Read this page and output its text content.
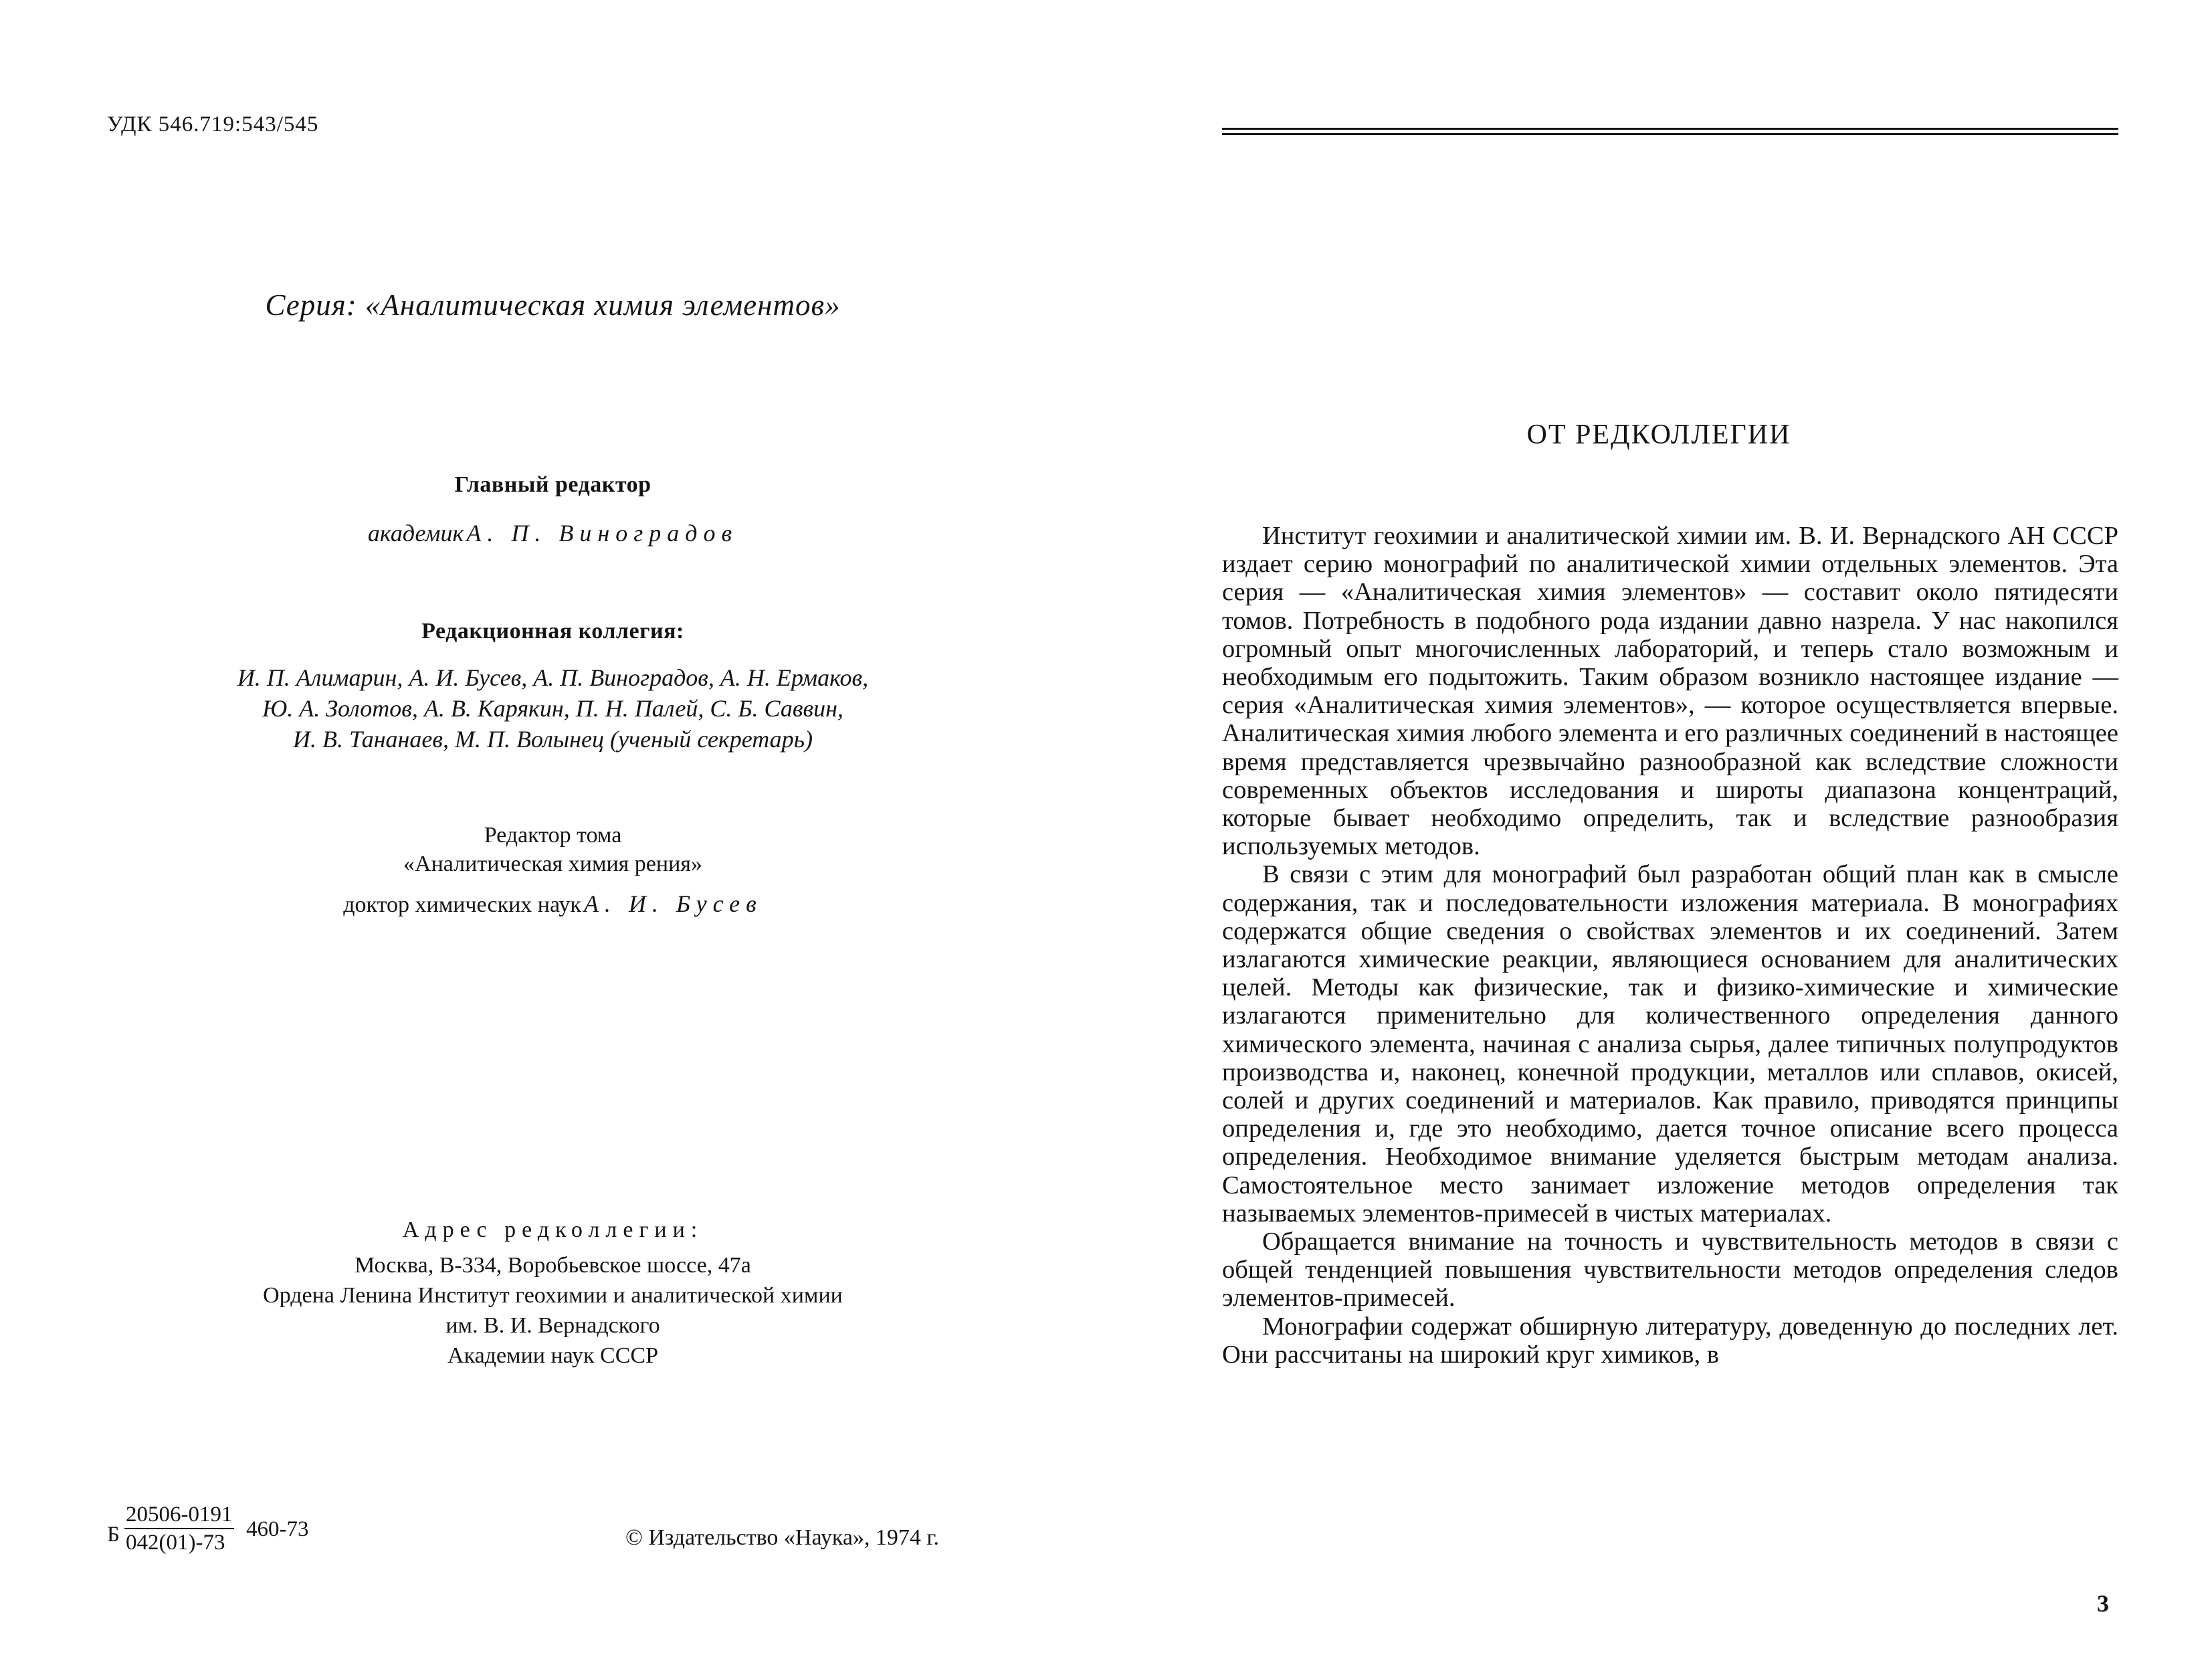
УДК 546.719:543/545
Серия: «Аналитическая химия элементов»
Главный редактор
академик А. П. Виноградов
Редакционная коллегия:
И. П. Алимарин, А. И. Бусев, А. П. Виноградов, А. Н. Ермаков,
Ю. А. Золотов, А. В. Карякин, П. Н. Палей, С. Б. Саввин,
И. В. Тананаев, М. П. Волынец (ученый секретарь)
Редактор тома
«Аналитическая химия рения»
доктор химических наук А. И. Бусев
Адрес редколлегии:
Москва, В-334, Воробьевское шоссе, 47а
Ордена Ленина Институт геохимии и аналитической химии
им. В. И. Вернадского
Академии наук СССР
Б $\frac{20506-0191}{042(01)-73} 460-73$	© Издательство «Наука», 1974 г.
ОТ РЕДКОЛЛЕГИИ

Институт геохимии и аналитической химии им. В. И. Вернадского АН СССР издает серию монографий по аналитической химии отдельных элементов. Эта серия — «Аналитическая химия элементов» — составит около пятидесяти томов. Потребность в подобного рода издании давно назрела. У нас накопился огромный опыт многочисленных лабораторий, и теперь стало возможным и необходимым его подытожить. Таким образом возникло настоящее издание — серия «Аналитическая химия элементов», — которое осуществляется впервые. Аналитическая химия любого элемента и его различных соединений в настоящее время представляется чрезвычайно разнообразной как вследствие сложности современных объектов исследования и широты диапазона концентраций, которые бывает необходимо определить, так и вследствие разнообразия используемых методов.

В связи с этим для монографий был разработан общий план как в смысле содержания, так и последовательности изложения материала. В монографиях содержатся общие сведения о свойствах элементов и их соединений. Затем излагаются химические реакции, являющиеся основанием для аналитических целей. Методы как физические, так и физико-химические и химические излагаются применительно для количественного определения данного химического элемента, начиная с анализа сырья, далее типичных полупродуктов производства и, наконец, конечной продукции, металлов или сплавов, окисей, солей и других соединений и материалов. Как правило, приводятся принципы определения и, где это необходимо, дается точное описание всего процесса определения. Необходимое внимание уделяется быстрым методам анализа. Самостоятельное место занимает изложение методов определения так называемых элементов-примесей в чистых материалах.

Обращается внимание на точность и чувствительность методов в связи с общей тенденцией повышения чувствительности методов определения следов элементов-примесей.

Монографии содержат обширную литературу, доведенную до последних лет. Они рассчитаны на широкий круг химиков, в

3
